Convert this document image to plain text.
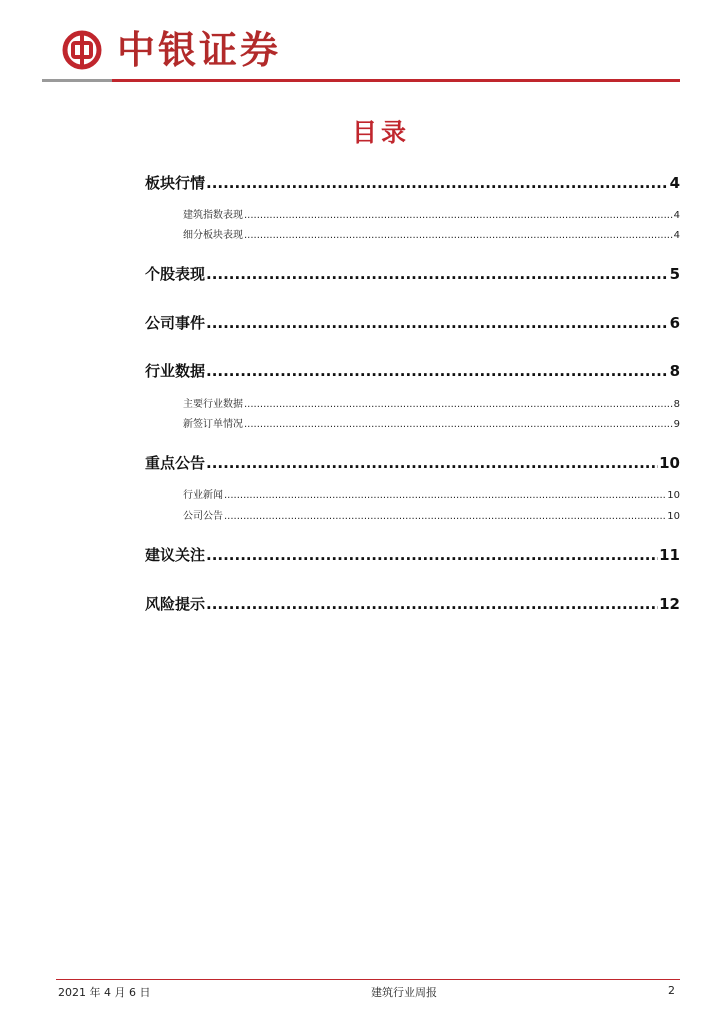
中银证券
目录
板块行情 .....	4
建筑指数表现 .....	4
细分板块表现 .....	4
个股表现 .....	5
公司事件 .....	6
行业数据 .....	8
主要行业数据 .....	8
新签订单情况 .....	9
重点公告 .....	10
行业新闻 .....	10
公司公告 .....	10
建议关注 .....	11
风险提示 .....	12
2021 年 4 月 6 日	建筑行业周报	2
